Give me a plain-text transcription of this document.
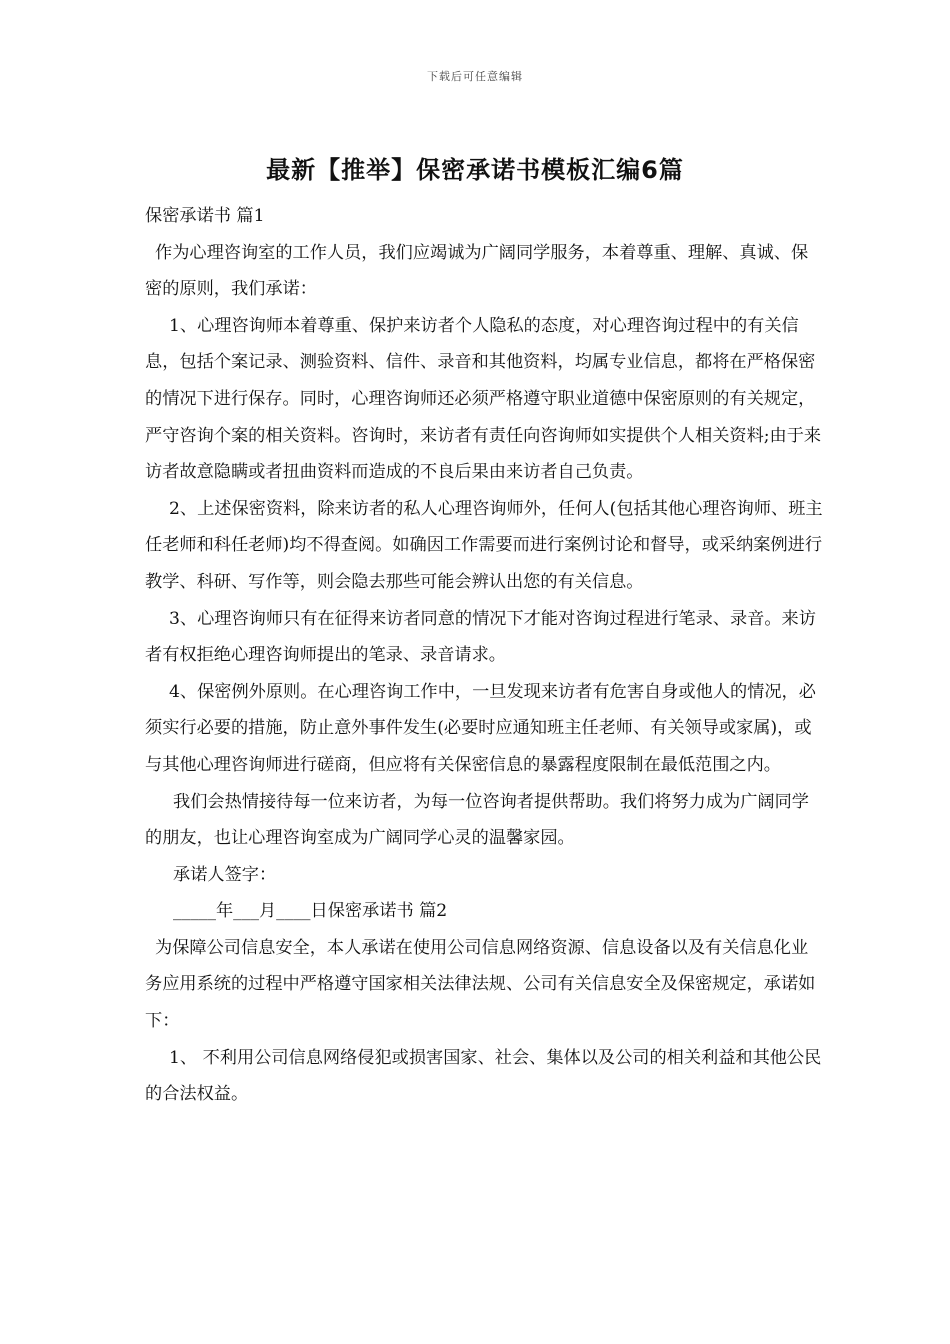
下载后可任意编辑
最新【推举】保密承诺书模板汇编6篇

保密承诺书 篇1

作为心理咨询室的工作人员，我们应竭诚为广阔同学服务，本着尊重、理解、真诚、保密的原则，我们承诺：

1、心理咨询师本着尊重、保护来访者个人隐私的态度，对心理咨询过程中的有关信息，包括个案记录、测验资料、信件、录音和其他资料，均属专业信息，都将在严格保密的情况下进行保存。同时，心理咨询师还必须严格遵守职业道德中保密原则的有关规定，严守咨询个案的相关资料。咨询时，来访者有责任向咨询师如实提供个人相关资料;由于来访者故意隐瞒或者扭曲资料而造成的不良后果由来访者自己负责。

2、上述保密资料，除来访者的私人心理咨询师外，任何人(包括其他心理咨询师、班主任老师和科任老师)均不得查阅。如确因工作需要而进行案例讨论和督导，或采纳案例进行教学、科研、写作等，则会隐去那些可能会辨认出您的有关信息。

3、心理咨询师只有在征得来访者同意的情况下才能对咨询过程进行笔录、录音。来访者有权拒绝心理咨询师提出的笔录、录音请求。

4、保密例外原则。在心理咨询工作中，一旦发现来访者有危害自身或他人的情况，必须实行必要的措施，防止意外事件发生(必要时应通知班主任老师、有关领导或家属)，或与其他心理咨询师进行磋商，但应将有关保密信息的暴露程度限制在最低范围之内。

我们会热情接待每一位来访者，为每一位咨询者提供帮助。我们将努力成为广阔同学的朋友，也让心理咨询室成为广阔同学心灵的温馨家园。

承诺人签字：

_____年___月____日保密承诺书 篇2

为保障公司信息安全，本人承诺在使用公司信息网络资源、信息设备以及有关信息化业务应用系统的过程中严格遵守国家相关法律法规、公司有关信息安全及保密规定，承诺如下：

1、 不利用公司信息网络侵犯或损害国家、社会、集体以及公司的相关利益和其他公民的合法权益。
